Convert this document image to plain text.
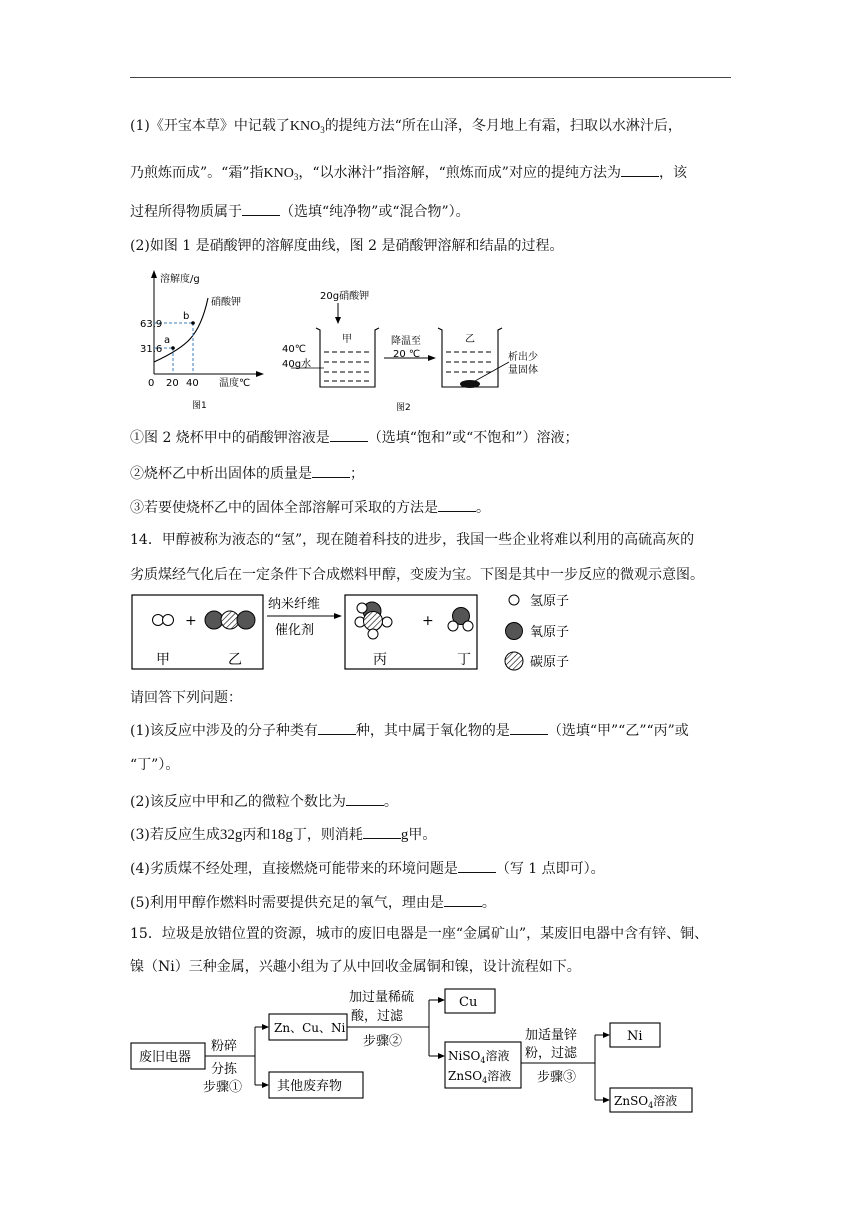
(1)《开宝本草》中记载了$KNO_3$的提纯方法“所在山泽，冬月地上有霜，扫取以水淋汁后，
乃煎炼而成”。“霜”指$KNO_3$，“以水淋汁”指溶解，“煎炼而成”对应的提纯方法为	，该
过程所得物质属于	（选填“纯净物”或“混合物”）。
(2)如图 1 是硝酸钾的溶解度曲线，图 2 是硝酸钾溶解和结晶的过程。
溶解度/g
硝酸钾
b
a
63.9
31.6
0 20 40 温度℃
图1
20g硝酸钾
甲
40℃
40g水
降温至
20 ℃
乙
析出少
量固体
图2
①图 2 烧杯甲中的硝酸钾溶液是	（选填“饱和”或“不饱和”）溶液；
②烧杯乙中析出固体的质量是	；
③若要使烧杯乙中的固体全部溶解可采取的方法是	。
14．甲醇被称为液态的“氢”，现在随着科技的进步，我国一些企业将难以利用的高硫高灰的
劣质煤经气化后在一定条件下合成燃料甲醇，变废为宝。下图是其中一步反应的微观示意图。
+
甲	乙
纳米纤维
催化剂
+
丙	丁
氢原子
氧原子
碳原子
请回答下列问题：
(1)该反应中涉及的分子种类有	种，其中属于氧化物的是	（选填“甲”“乙”“丙”或
“丁”）。
(2)该反应中甲和乙的微粒个数比为	。
(3)若反应生成32g丙和18g丁，则消耗	g甲。
(4)劣质煤不经处理，直接燃烧可能带来的环境问题是	（写 1 点即可）。
(5)利用甲醇作燃料时需要提供充足的氧气，理由是	。
15．垃圾是放错位置的资源，城市的废旧电器是一座“金属矿山”，某废旧电器中含有锌、铜、
镍（Ni）三种金属，兴趣小组为了从中回收金属铜和镍，设计流程如下。
废旧电器
粉碎
分拣
步骤①
Zn、Cu、Ni
其他废弃物
加过量稀硫
酸，过滤
步骤②
Cu
NiSO$_4$溶液
ZnSO$_4$溶液
加适量锌
粉，过滤
步骤③
Ni
ZnSO$_4$溶液
